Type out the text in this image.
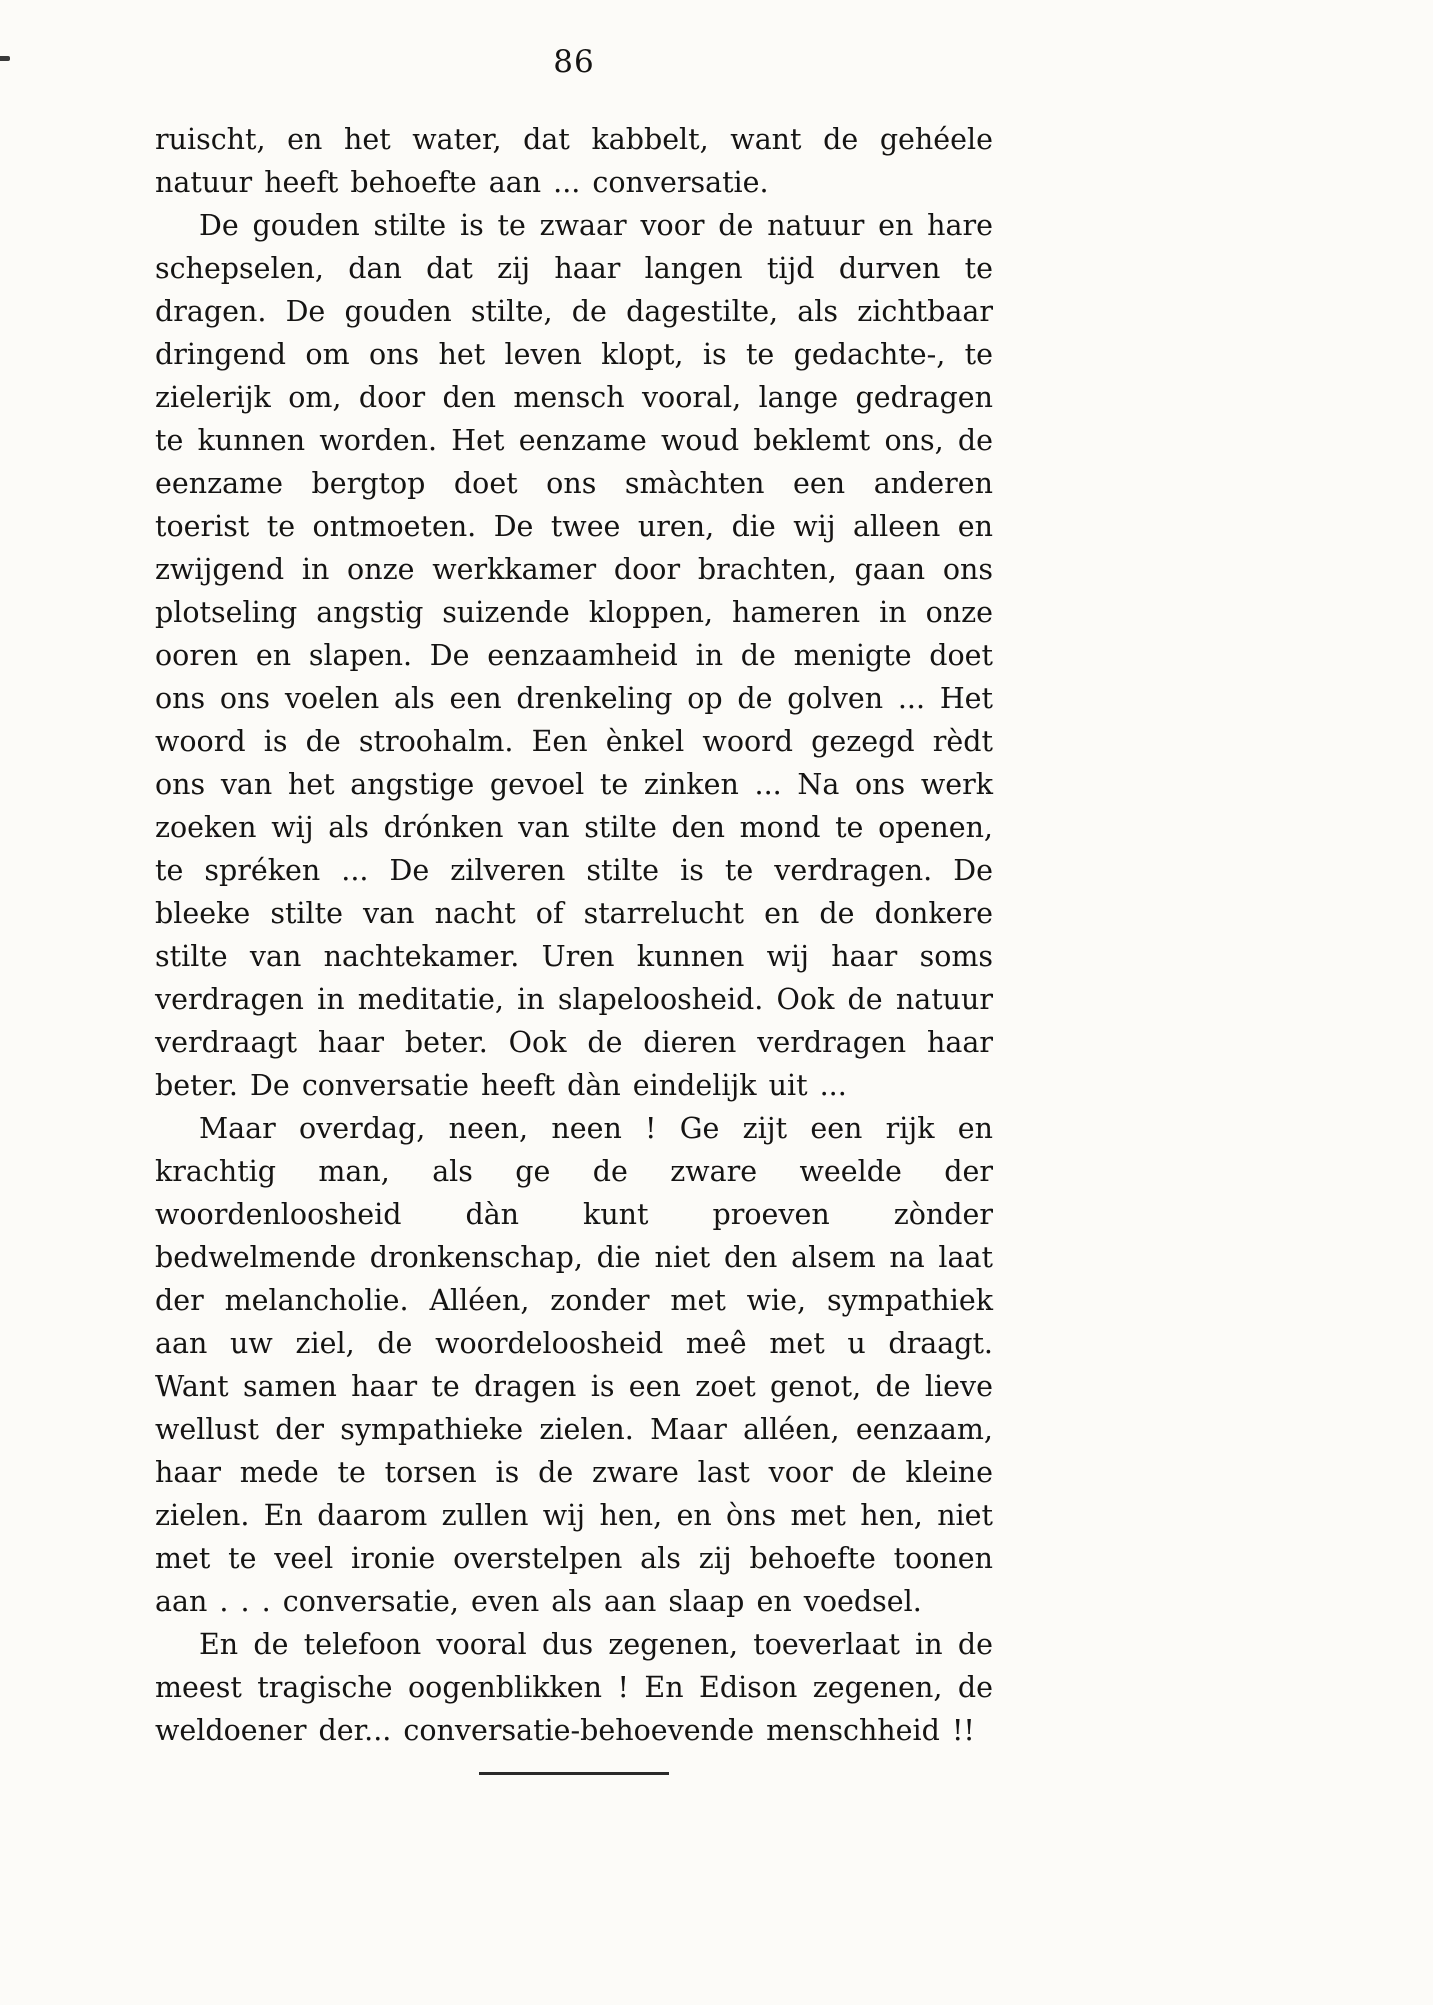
86

ruischt, en het water, dat kabbelt, want de gehéele natuur heeft behoefte aan ... conversatie.

De gouden stilte is te zwaar voor de natuur en hare schepselen, dan dat zij haar langen tijd durven te dragen. De gouden stilte, de dagestilte, als zichtbaar dringend om ons het leven klopt, is te gedachte-, te zielerijk om, door den mensch vooral, lange gedragen te kunnen worden. Het eenzame woud beklemt ons, de eenzame bergtop doet ons smàchten een anderen toerist te ontmoeten. De twee uren, die wij alleen en zwijgend in onze werkkamer door brachten, gaan ons plotseling angstig suizende kloppen, hameren in onze ooren en slapen. De eenzaamheid in de menigte doet ons ons voelen als een drenkeling op de golven ... Het woord is de stroohalm. Een ènkel woord gezegd rèdt ons van het angstige gevoel te zinken ... Na ons werk zoeken wij als drónken van stilte den mond te openen, te spréken ... De zilveren stilte is te verdragen. De bleeke stilte van nacht of starrelucht en de donkere stilte van nachtekamer. Uren kunnen wij haar soms verdragen in meditatie, in slapeloosheid. Ook de natuur verdraagt haar beter. Ook de dieren verdragen haar beter. De conversatie heeft dàn eindelijk uit ...

Maar overdag, neen, neen ! Ge zijt een rijk en krachtig man, als ge de zware weelde der woordenloosheid dàn kunt proeven zònder bedwelmende dronkenschap, die niet den alsem na laat der melancholie. Alléen, zonder met wie, sympathiek aan uw ziel, de woordeloosheid meê met u draagt. Want samen haar te dragen is een zoet genot, de lieve wellust der sympathieke zielen. Maar alléen, eenzaam, haar mede te torsen is de zware last voor de kleine zielen. En daarom zullen wij hen, en òns met hen, niet met te veel ironie overstelpen als zij behoefte toonen aan . . . conversatie, even als aan slaap en voedsel.

En de telefoon vooral dus zegenen, toeverlaat in de meest tragische oogenblikken ! En Edison zegenen, de weldoener der... conversatie-behoevende menschheid !!
